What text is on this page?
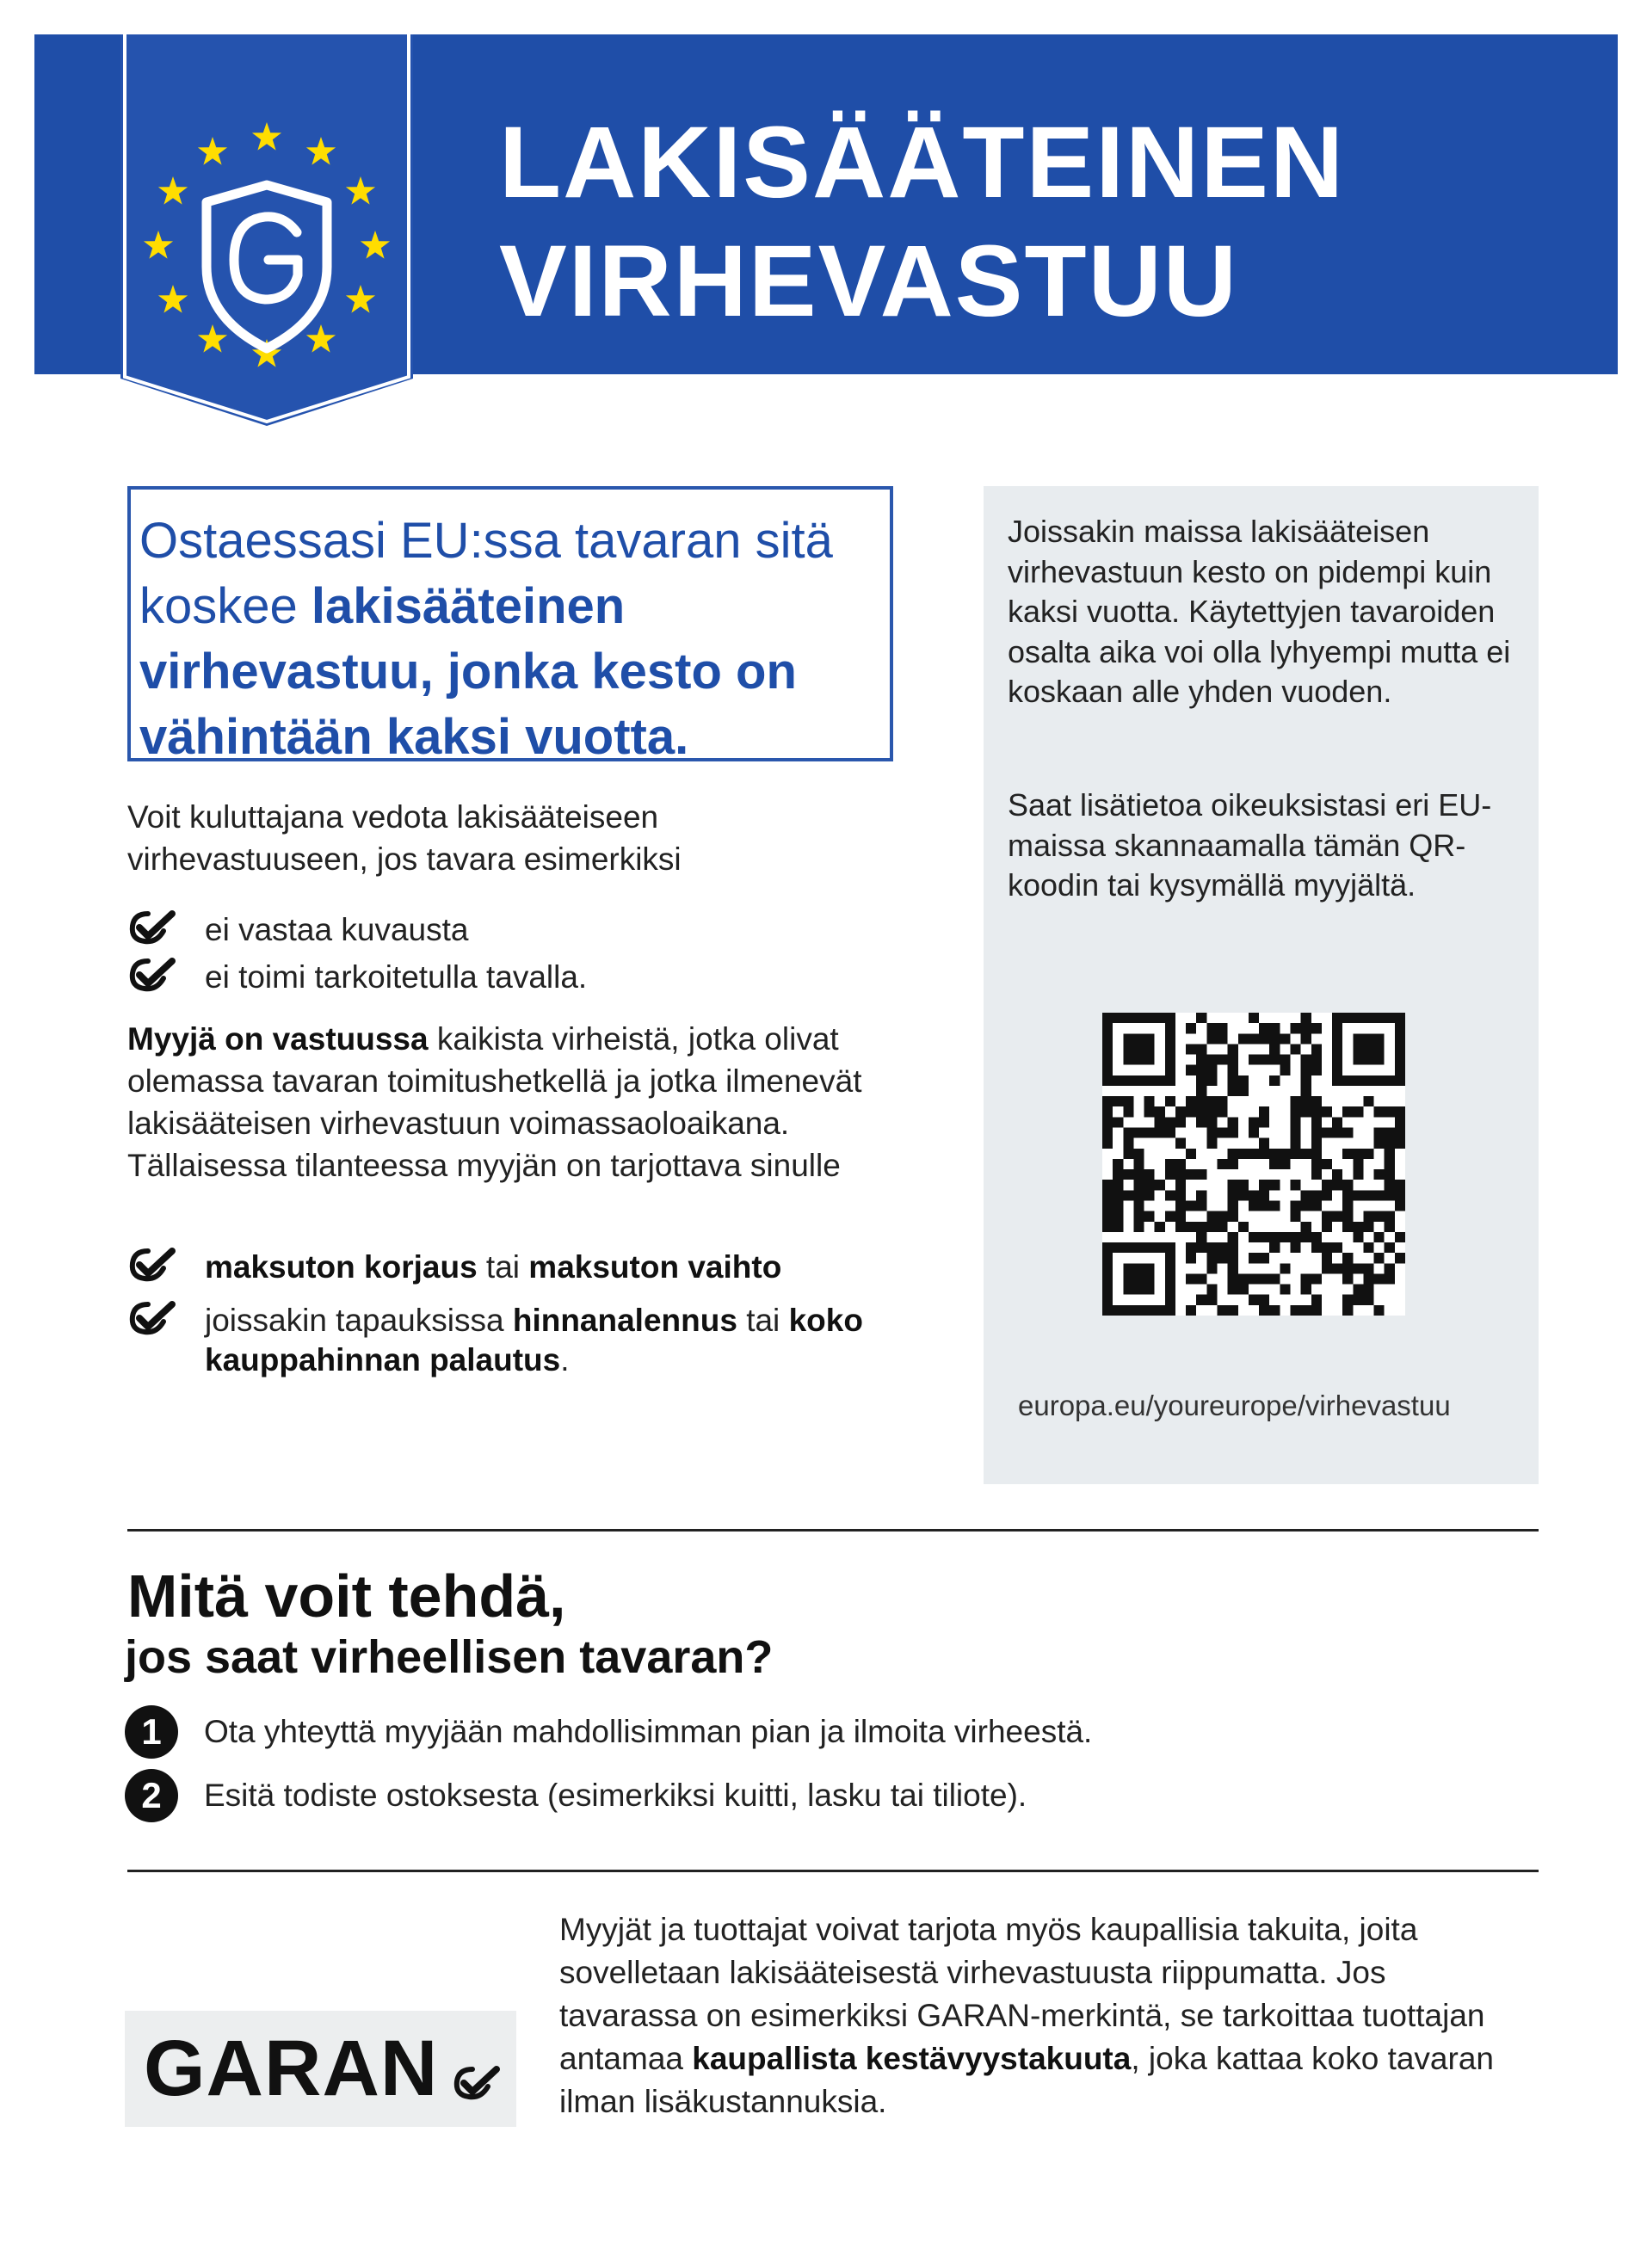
LAKISÄÄTEINEN
VIRHEVASTUU

Ostaessasi EU:ssa tavaran sitä koskee lakisääteinen virhevastuu, jonka kesto on vähintään kaksi vuotta.

Voit kuluttajana vedota lakisääteiseen virhevastuuseen, jos tavara esimerkiksi

ei vastaa kuvausta
ei toimi tarkoitetulla tavalla.

Myyjä on vastuussa kaikista virheistä, jotka olivat olemassa tavaran toimitushetkellä ja jotka ilmenevät lakisääteisen virhevastuun voimassaoloaikana. Tällaisessa tilanteessa myyjän on tarjottava sinulle

maksuton korjaus tai maksuton vaihto
joissakin tapauksissa hinnanalennus tai koko kauppahinnan palautus.

Joissakin maissa lakisääteisen virhevastuun kesto on pidempi kuin kaksi vuotta. Käytettyjen tavaroiden osalta aika voi olla lyhyempi mutta ei koskaan alle yhden vuoden.

Saat lisätietoa oikeuksistasi eri EU-maissa skannaamalla tämän QR-koodin tai kysymällä myyjältä.

europa.eu/youreurope/virhevastuu
Mitä voit tehdä,
jos saat virheellisen tavaran?
1	Ota yhteyttä myyjään mahdollisimman pian ja ilmoita virheestä.
2	Esitä todiste ostoksesta (esimerkiksi kuitti, lasku tai tiliote).
GARAN

Myyjät ja tuottajat voivat tarjota myös kaupallisia takuita, joita sovelletaan lakisääteisestä virhevastuusta riippumatta. Jos tavarassa on esimerkiksi GARAN-merkintä, se tarkoittaa tuottajan antamaa kaupallista kestävyystakuuta, joka kattaa koko tavaran ilman lisäkustannuksia.
